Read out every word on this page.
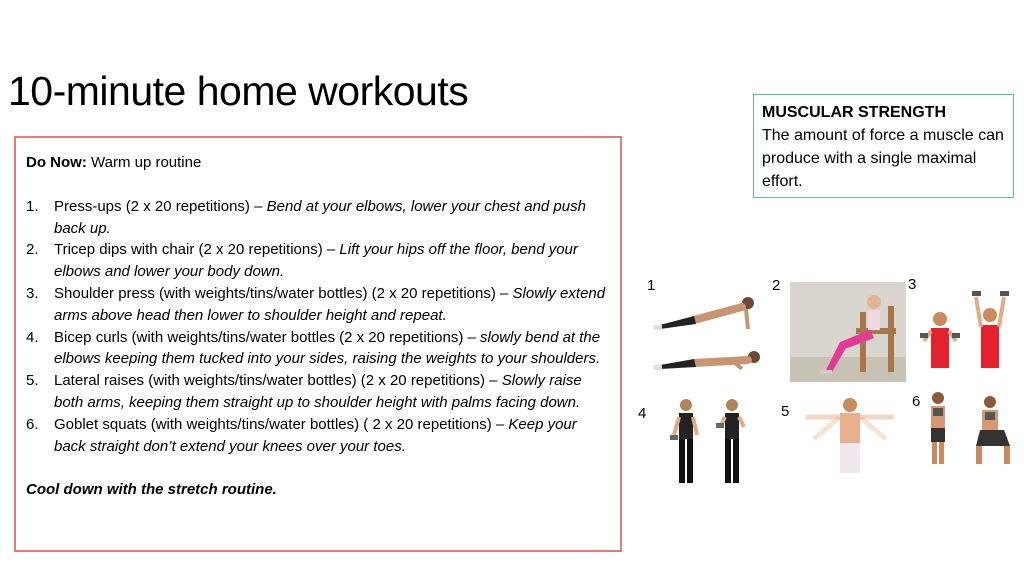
10-minute home workouts
Do Now: Warm up routine
1. Press-ups (2 x 20 repetitions) – Bend at your elbows, lower your chest and push back up.
2. Tricep dips with chair (2 x 20 repetitions) – Lift your hips off the floor, bend your elbows and lower your body down.
3. Shoulder press (with weights/tins/water bottles) (2 x 20 repetitions) – Slowly extend arms above head then lower to shoulder height and repeat.
4. Bicep curls (with weights/tins/water bottles (2 x 20 repetitions) – slowly bend at the elbows keeping them tucked into your sides, raising the weights to your shoulders.
5. Lateral raises (with weights/tins/water bottles) (2 x 20 repetitions) – Slowly raise both arms, keeping them straight up to shoulder height with palms facing down.
6. Goblet squats (with weights/tins/water bottles) ( 2 x 20 repetitions) – Keep your back straight don’t extend your knees over your toes.
Cool down with the stretch routine.
MUSCULAR STRENGTH
The amount of force a muscle can produce with a single maximal effort.
1	2	3
4	5
6
